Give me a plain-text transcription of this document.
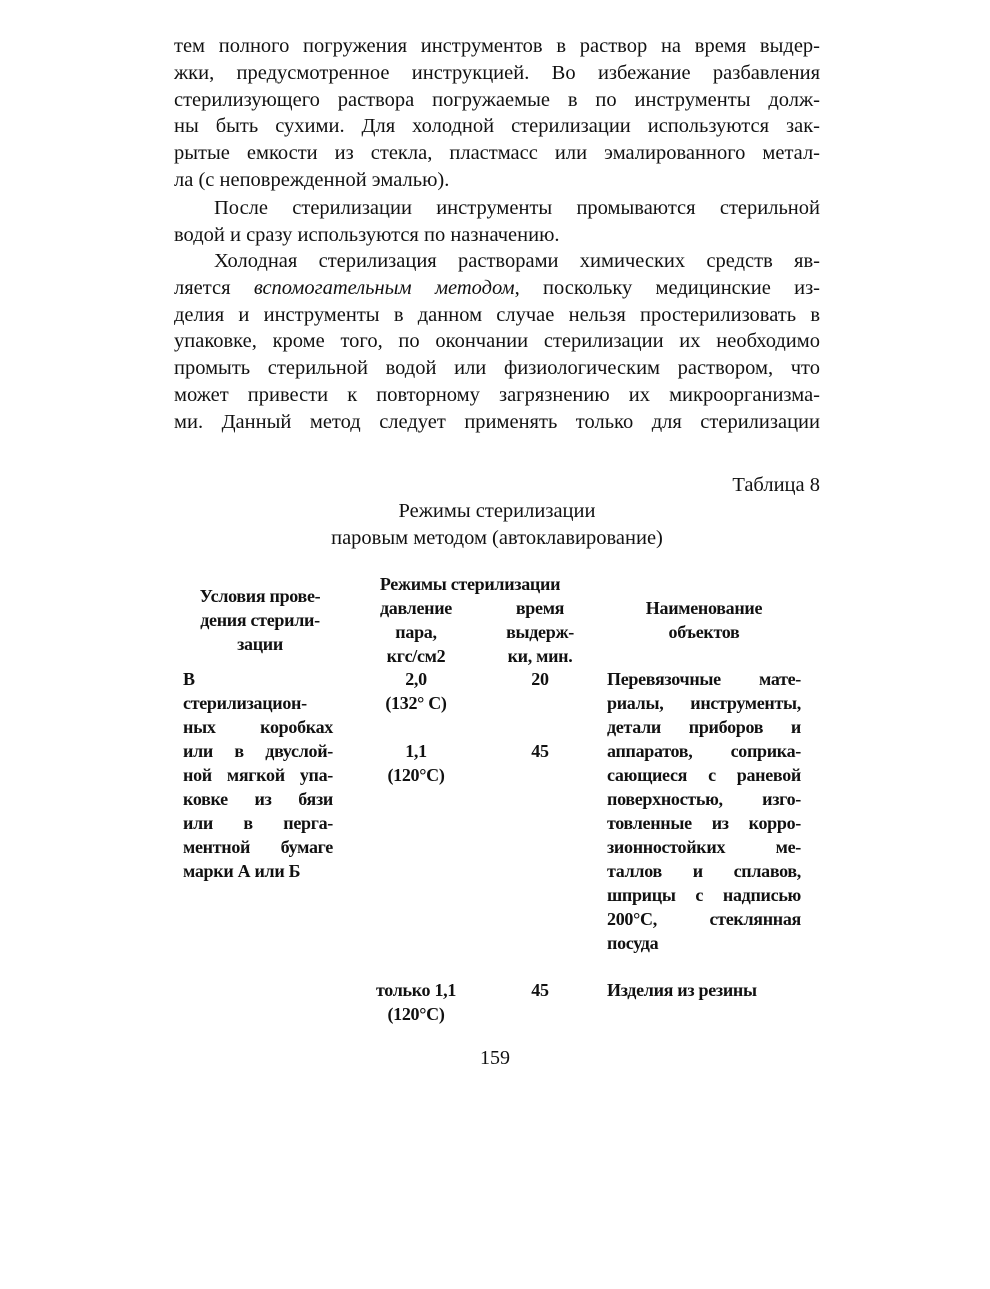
тем полного погружения инструментов в раствор на время выдер-
жки, предусмотренное инструкцией. Во избежание разбавления
стерилизующего раствора погружаемые в по инструменты долж-
ны быть сухими. Для холодной стерилизации используются зак-
рытые емкости из стекла, пластмасс или эмалированного метал-
ла (с неповрежденной эмалью).
После стерилизации инструменты промываются стерильной
водой и сразу используются по назначению.
Холодная стерилизация растворами химических средств яв-
ляется вспомогательным методом, поскольку медицинские из-
делия и инструменты в данном случае нельзя простерилизовать в
упаковке, кроме того, по окончании стерилизации их необходимо
промыть стерильной водой или физиологическим раствором, что
может привести к повторному загрязнению их микроорганизма-
ми. Данный метод следует применять только для стерилизации
Таблица 8
Режимы стерилизации
паровым методом (автоклавирование)
Условия прове-
дения стерили-
зации
Режимы стерилизации
давление
пара,
кгс/см2
время
выдерж-
ки, мин.
Наименование
объектов
В
стерилизацион-
ных коробках
или в двуслой-
ной мягкой упа-
ковке из бязи
или в перга-
ментной бумаге
марки А или Б
2,0
(132° С)
20
1,1
(120°С)
45
Перевязочные мате-
риалы, инструменты,
детали приборов и
аппаратов, соприка-
сающиеся с раневой
поверхностью, изго-
товленные из корро-
зионностойких ме-
таллов и сплавов,
шприцы с надписью
200°С, стеклянная
посуда
только 1,1
(120°С)
45	Изделия из резины
159
